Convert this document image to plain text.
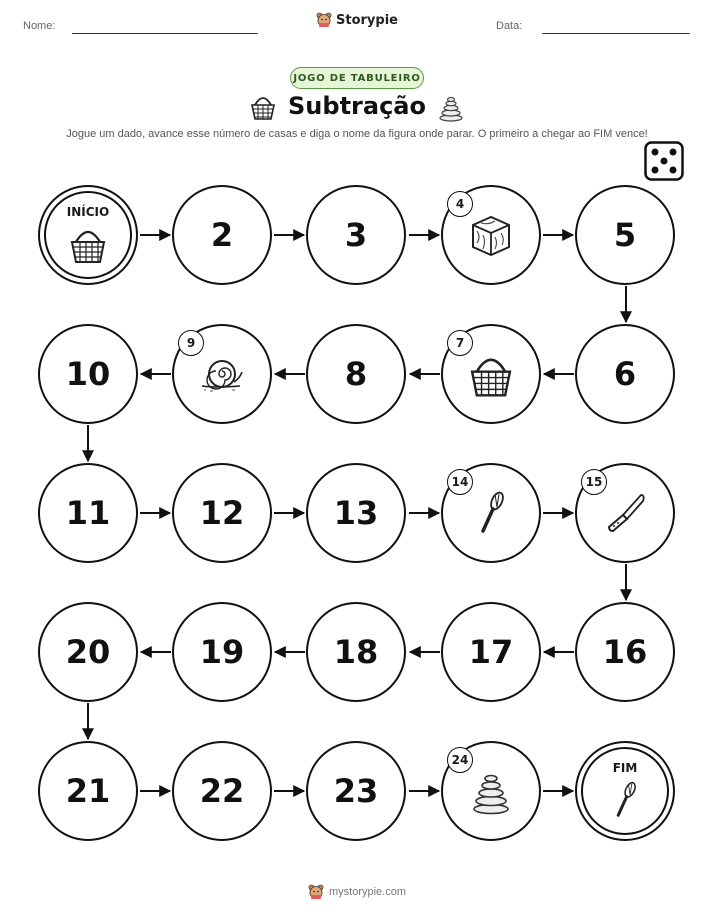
Nome:	Storypie	Data:
JOGO DE TABULEIRO
Subtração
Jogue um dado, avance esse número de casas e diga o nome da figura onde parar. O primeiro a chegar ao FIM vence!
INÍCIO
2	3
4
5
6
7
8
9
10
11	12	13
14	15
16
17
18
19
20
21	22	23
24
FIM
mystorypie.com
